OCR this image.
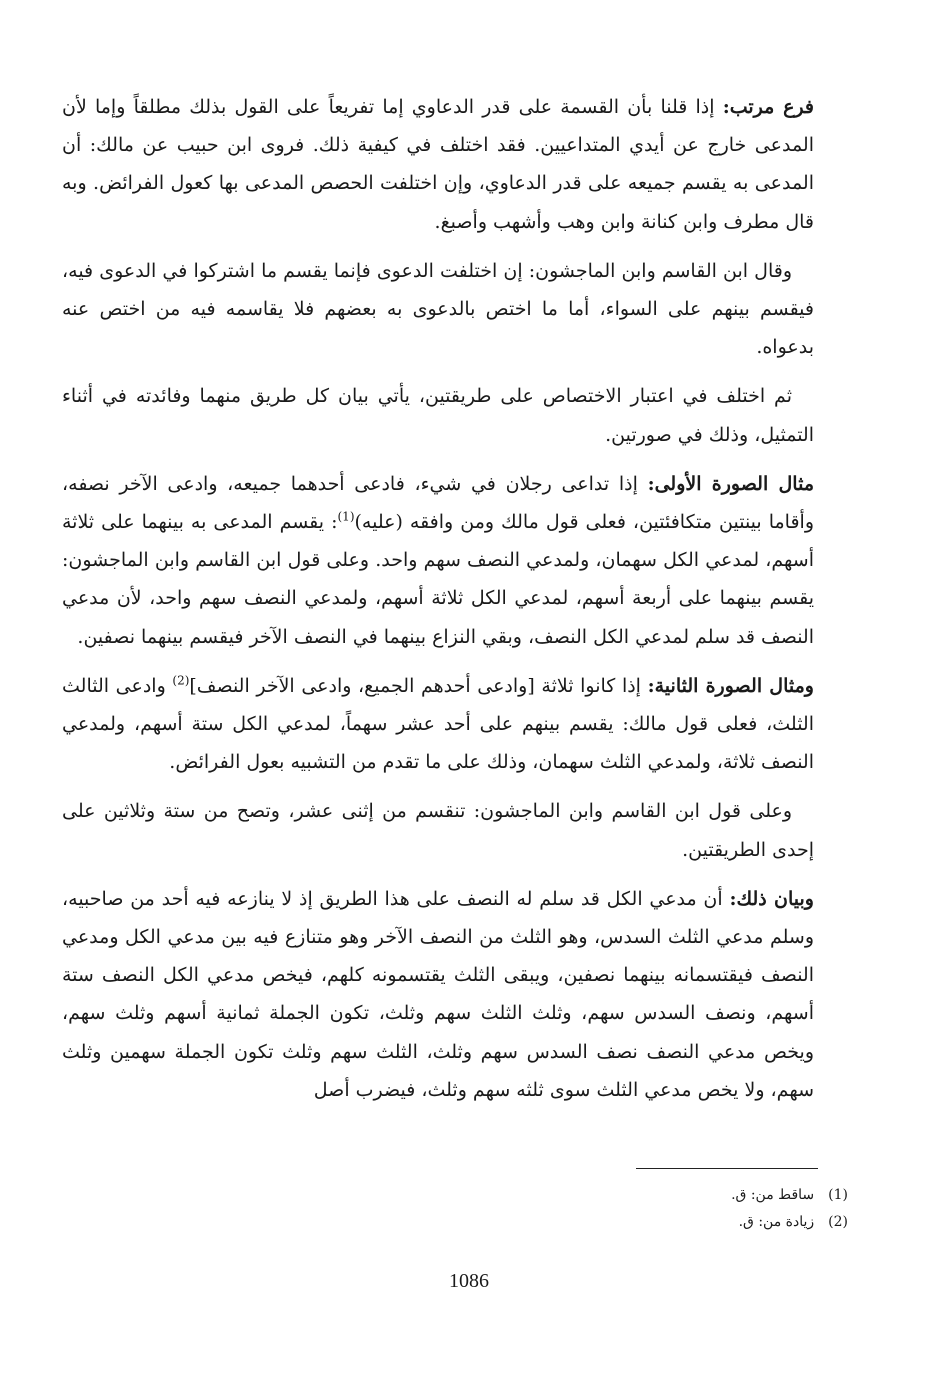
فرع مرتب: إذا قلنا بأن القسمة على قدر الدعاوي إما تفريعاً على القول بذلك مطلقاً وإما لأن المدعى خارج عن أيدي المتداعيين. فقد اختلف في كيفية ذلك. فروى ابن حبيب عن مالك: أن المدعى به يقسم جميعه على قدر الدعاوي، وإن اختلفت الحصص المدعى بها كعول الفرائض. وبه قال مطرف وابن كنانة وابن وهب وأشهب وأصبغ.

وقال ابن القاسم وابن الماجشون: إن اختلفت الدعوى فإنما يقسم ما اشتركوا في الدعوى فيه، فيقسم بينهم على السواء، أما ما اختص بالدعوى به بعضهم فلا يقاسمه فيه من اختص عنه بدعواه.

ثم اختلف في اعتبار الاختصاص على طريقتين، يأتي بيان كل طريق منهما وفائدته في أثناء التمثيل، وذلك في صورتين.

مثال الصورة الأولى: إذا تداعى رجلان في شيء، فادعى أحدهما جميعه، وادعى الآخر نصفه، وأقاما بينتين متكافئتين، فعلى قول مالك ومن وافقه (عليه)$^{(1)}$: يقسم المدعى به بينهما على ثلاثة أسهم، لمدعي الكل سهمان، ولمدعي النصف سهم واحد. وعلى قول ابن القاسم وابن الماجشون: يقسم بينهما على أربعة أسهم، لمدعي الكل ثلاثة أسهم، ولمدعي النصف سهم واحد، لأن مدعي النصف قد سلم لمدعي الكل النصف، وبقي النزاع بينهما في النصف الآخر فيقسم بينهما نصفين.

ومثال الصورة الثانية: إذا كانوا ثلاثة [وادعى أحدهم الجميع، وادعى الآخر النصف]$^{(2)}$ وادعى الثالث الثلث، فعلى قول مالك: يقسم بينهم على أحد عشر سهماً، لمدعي الكل ستة أسهم، ولمدعي النصف ثلاثة، ولمدعي الثلث سهمان، وذلك على ما تقدم من التشبيه بعول الفرائض.

وعلى قول ابن القاسم وابن الماجشون: تنقسم من إثنى عشر، وتصح من ستة وثلاثين على إحدى الطريقتين.

وبيان ذلك: أن مدعي الكل قد سلم له النصف على هذا الطريق إذ لا ينازعه فيه أحد من صاحبيه، وسلم مدعي الثلث السدس، وهو الثلث من النصف الآخر وهو متنازع فيه بين مدعي الكل ومدعي النصف فيقتسمانه بينهما نصفين، ويبقى الثلث يقتسمونه كلهم، فيخص مدعي الكل النصف ستة أسهم، ونصف السدس سهم، وثلث الثلث سهم وثلث، تكون الجملة ثمانية أسهم وثلث سهم، ويخص مدعي النصف نصف السدس سهم وثلث، الثلث سهم وثلث تكون الجملة سهمين وثلث سهم، ولا يخص مدعي الثلث سوى ثلثه سهم وثلث، فيضرب أصل

(1)ساقط من: ق.

(2)زيادة من: ق.

1086
